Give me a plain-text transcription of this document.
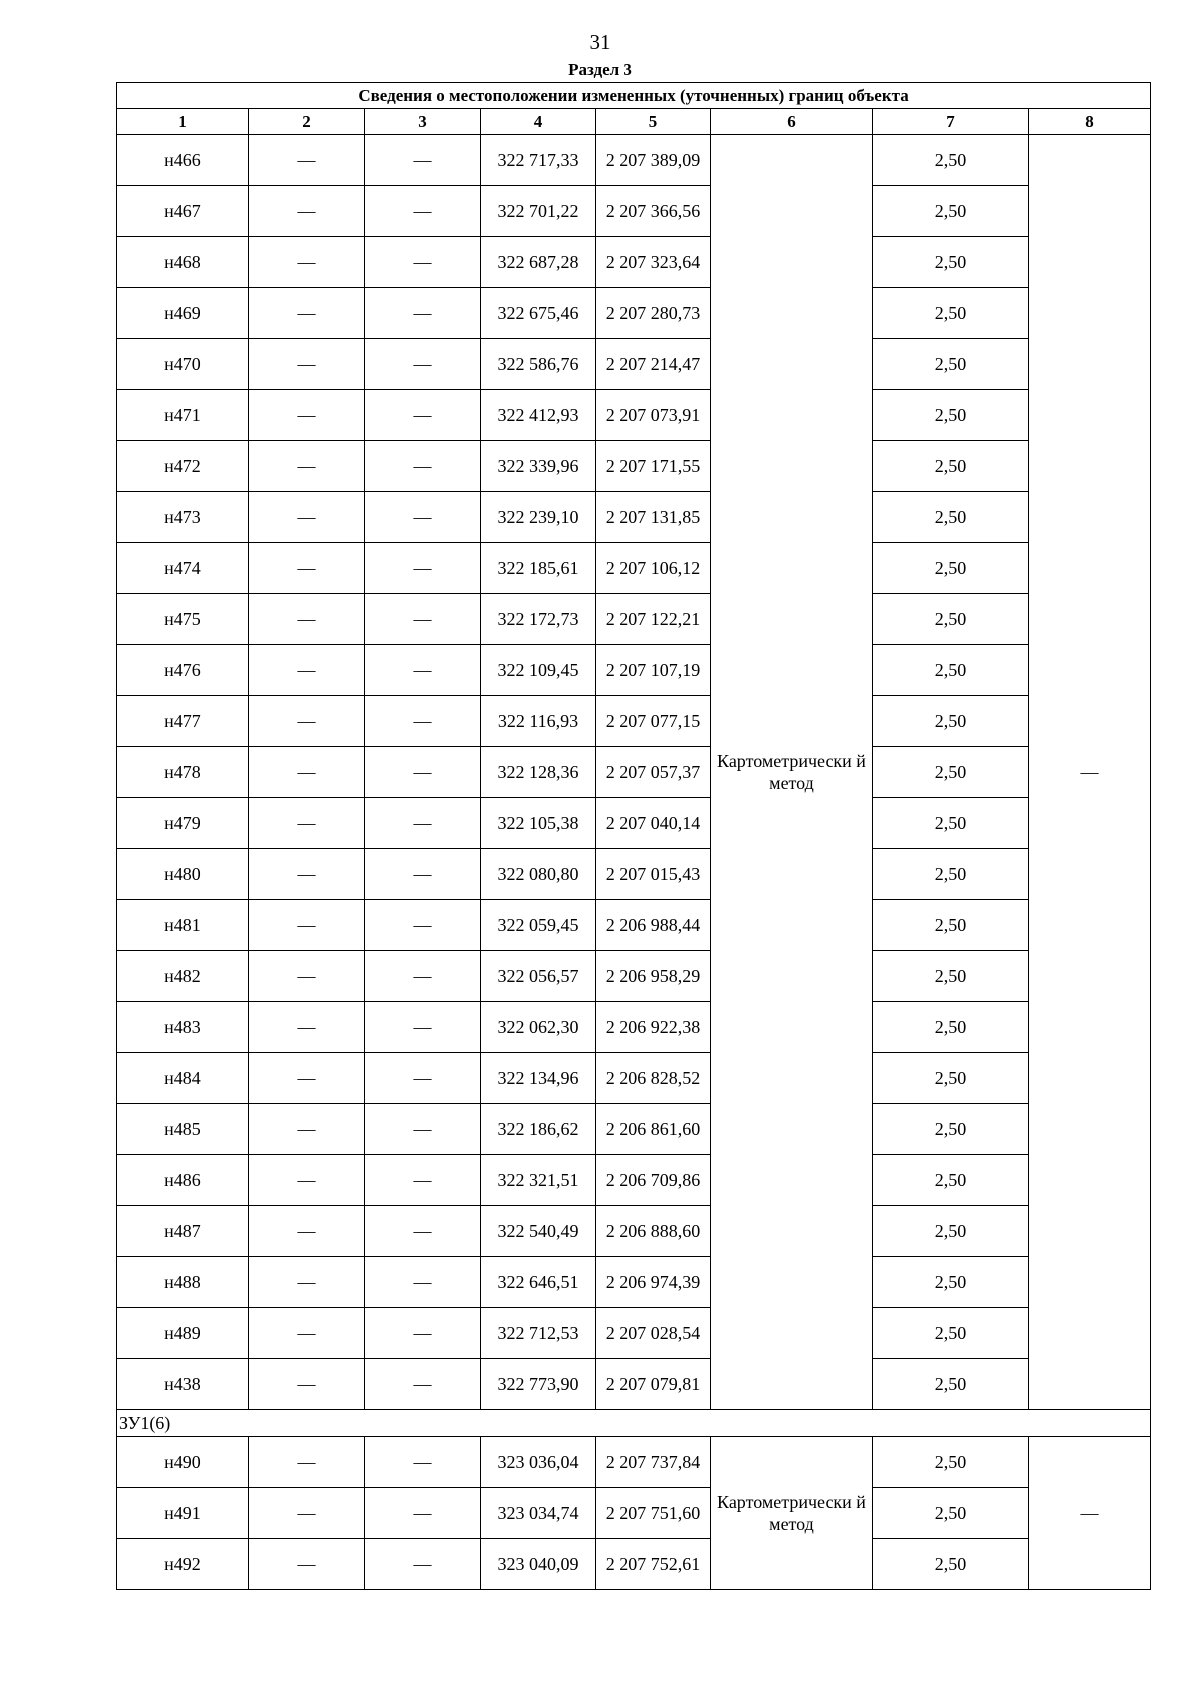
31
Раздел 3
Сведения о местоположении измененных (уточненных) границ объекта							
1	2	3	4	5	6	7	8
н466	—	—	322 717,33	2 207 389,09	Картометрически й метод	2,50	—
н467	—	—	322 701,22	2 207 366,56		2,50	
н468	—	—	322 687,28	2 207 323,64		2,50	
н469	—	—	322 675,46	2 207 280,73		2,50	
н470	—	—	322 586,76	2 207 214,47		2,50	
н471	—	—	322 412,93	2 207 073,91		2,50	
н472	—	—	322 339,96	2 207 171,55		2,50	
н473	—	—	322 239,10	2 207 131,85		2,50	
н474	—	—	322 185,61	2 207 106,12		2,50	
н475	—	—	322 172,73	2 207 122,21		2,50	
н476	—	—	322 109,45	2 207 107,19		2,50	
н477	—	—	322 116,93	2 207 077,15		2,50	
н478	—	—	322 128,36	2 207 057,37		2,50	
н479	—	—	322 105,38	2 207 040,14		2,50	
н480	—	—	322 080,80	2 207 015,43		2,50	
н481	—	—	322 059,45	2 206 988,44		2,50	
н482	—	—	322 056,57	2 206 958,29		2,50	
н483	—	—	322 062,30	2 206 922,38		2,50	
н484	—	—	322 134,96	2 206 828,52		2,50	
н485	—	—	322 186,62	2 206 861,60		2,50	
н486	—	—	322 321,51	2 206 709,86		2,50	
н487	—	—	322 540,49	2 206 888,60		2,50	
н488	—	—	322 646,51	2 206 974,39		2,50	
н489	—	—	322 712,53	2 207 028,54		2,50	
н438	—	—	322 773,90	2 207 079,81		2,50	
ЗУ1(6)							
н490	—	—	323 036,04	2 207 737,84	Картометрически й метод	2,50	—
н491	—	—	323 034,74	2 207 751,60		2,50	
н492	—	—	323 040,09	2 207 752,61		2,50	
